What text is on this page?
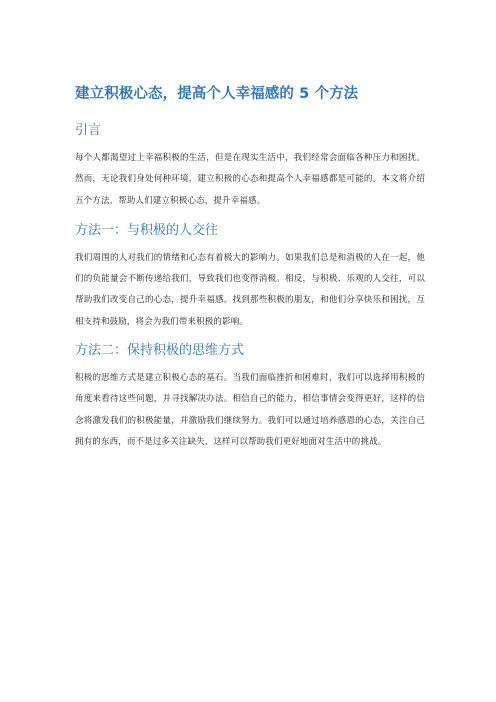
建立积极心态，提高个人幸福感的 5 个方法
引言

每个人都渴望过上幸福积极的生活，但是在现实生活中，我们经常会面临各种压力和困扰。然而，无论我们身处何种环境，建立积极的心态和提高个人幸福感都是可能的。本文将介绍五个方法，帮助人们建立积极心态，提升幸福感。

方法一：与积极的人交往

我们周围的人对我们的情绪和心态有着极大的影响力。如果我们总是和消极的人在一起，他们的负能量会不断传递给我们，导致我们也变得消极。相反，与积极、乐观的人交往，可以帮助我们改变自己的心态，提升幸福感。找到那些积极的朋友，和他们分享快乐和困扰，互相支持和鼓励，将会为我们带来积极的影响。

方法二：保持积极的思维方式

积极的思维方式是建立积极心态的基石。当我们面临挫折和困难时，我们可以选择用积极的角度来看待这些问题，并寻找解决办法。相信自己的能力，相信事情会变得更好，这样的信念将激发我们的积极能量，并激励我们继续努力。我们可以通过培养感恩的心态，关注自己拥有的东西，而不是过多关注缺失，这样可以帮助我们更好地面对生活中的挑战。
